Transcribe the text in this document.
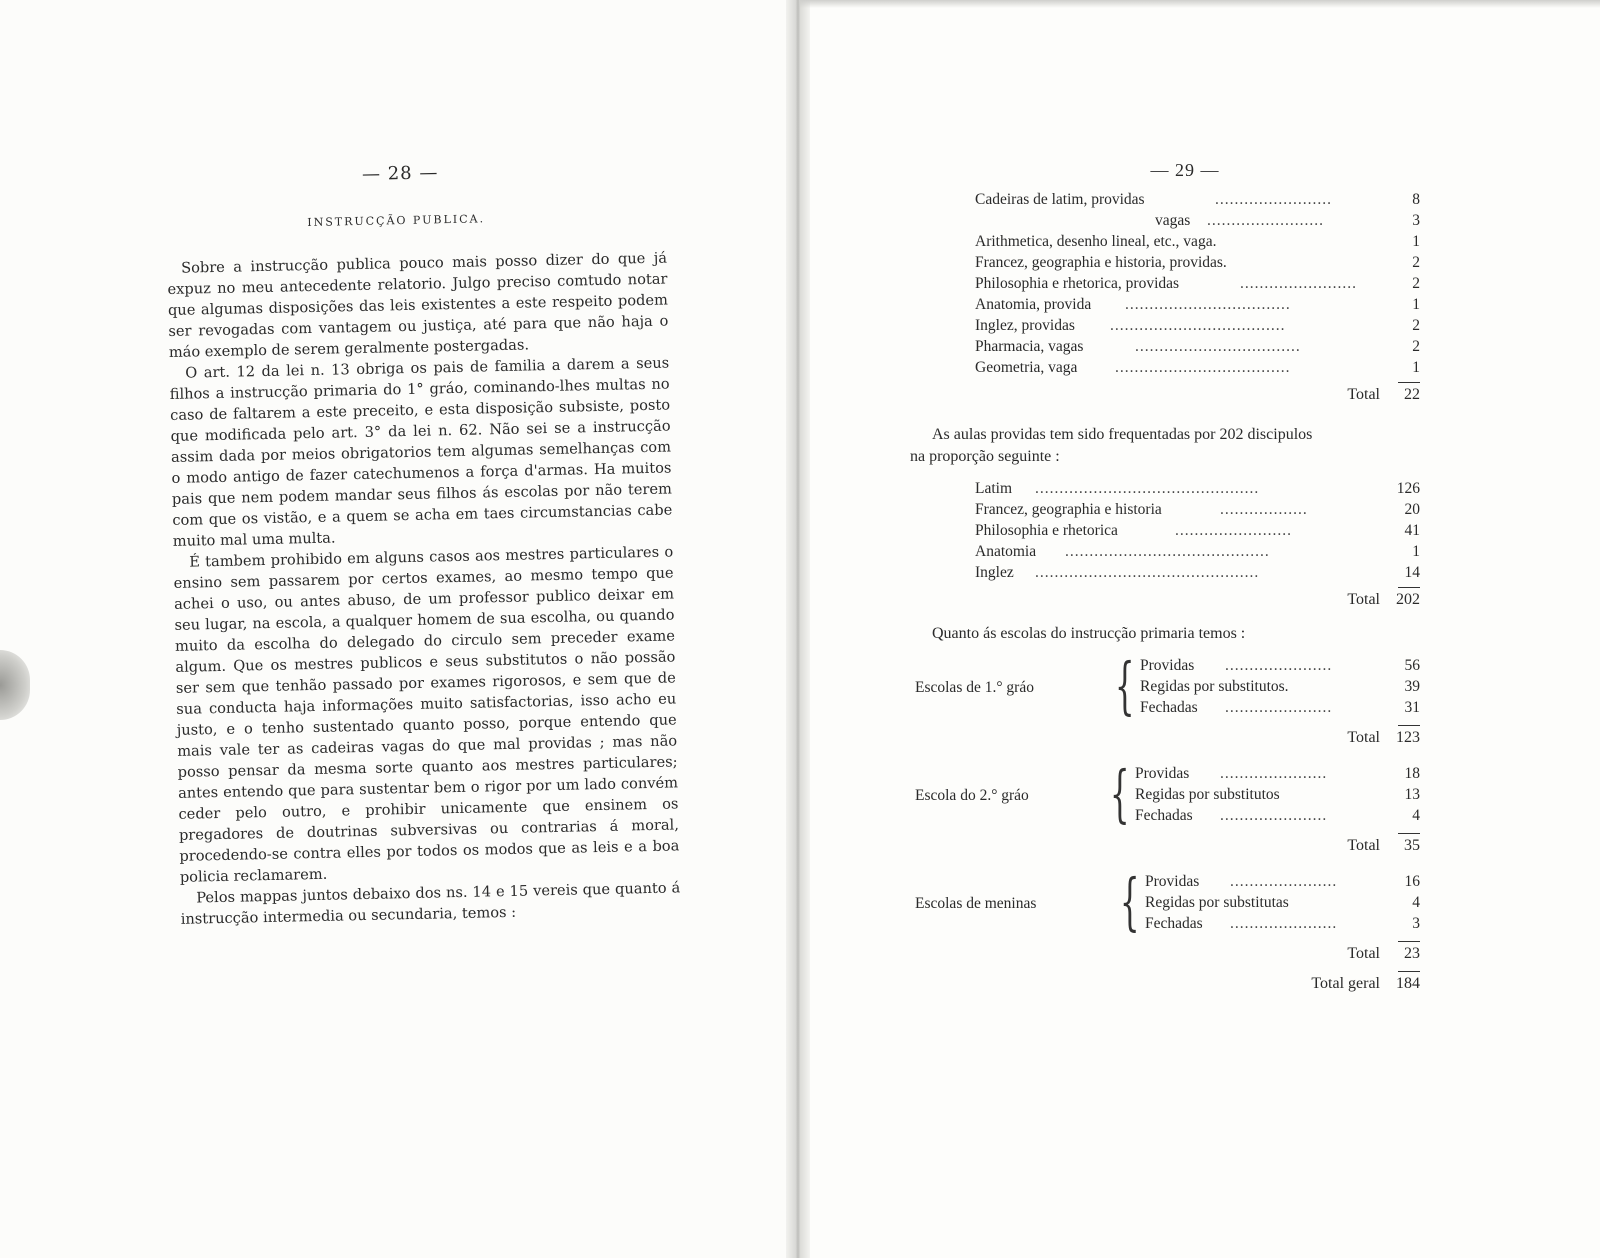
— 28 —
INSTRUCÇÃO PUBLICA.

Sobre a instrucção publica pouco mais posso dizer do que já expuz no meu antecedente relatorio. Julgo preciso comtudo notar que algumas disposições das leis existentes a este respeito podem ser revogadas com vantagem ou justiça, até para que não haja o máo exemplo de serem geralmente postergadas.

O art. 12 da lei n. 13 obriga os pais de familia a darem a seus filhos a instrucção primaria do 1° gráo, cominando-lhes multas no caso de faltarem a este preceito, e esta disposição subsiste, posto que modificada pelo art. 3° da lei n. 62. Não sei se a instrucção assim dada por meios obrigatorios tem algumas semelhanças com o modo antigo de fazer catechumenos a força d'armas. Ha muitos pais que nem podem mandar seus filhos ás escolas por não terem com que os vistão, e a quem se acha em taes circumstancias cabe muito mal uma multa.

É tambem prohibido em alguns casos aos mestres particulares o ensino sem passarem por certos exames, ao mesmo tempo que achei o uso, ou antes abuso, de um professor publico deixar em seu lugar, na escola, a qualquer homem de sua escolha, ou quando muito da escolha do delegado do circulo sem preceder exame algum. Que os mestres publicos e seus substitutos o não possão ser sem que tenhão passado por exames rigorosos, e sem que de sua conducta haja informações muito satisfactorias, isso acho eu justo, e o tenho sustentado quanto posso, porque entendo que mais vale ter as cadeiras vagas do que mal providas ; mas não posso pensar da mesma sorte quanto aos mestres particulares; antes entendo que para sustentar bem o rigor por um lado convém ceder pelo outro, e prohibir unicamente que ensinem os pregadores de doutrinas subversivas ou contrarias á moral, procedendo-se contra elles por todos os modos que as leis e a boa policia reclamarem.

Pelos mappas juntos debaixo dos ns. 14 e 15 vereis que quanto á instrucção intermedia ou secundaria, temos :

— 29 —
Cadeiras de latim, providas	........................	8
vagas ........................	3
Arithmetica, desenho lineal, etc., vaga.	1
Francez, geographia e historia, providas.	2
Philosophia e rhetorica, providas	........................	2
Anatomia, provida ..................................	1
Inglez, providas ....................................	2
Pharmacia, vagas	..................................	2
Geometria, vaga ....................................	1
Total 22
As aulas providas tem sido frequentadas por 202 discipulos
na proporção seguinte :
Latim ..............................................	126
Francez, geographia e historia	..................	20
Philosophia e rhetorica	........................	41
Anatomia ..........................................	1
Inglez ..............................................	14
Total 202
Quanto ás escolas do instrucção primaria temos :
Escolas de 1.° gráo { Providas ......................	56
Regidas por substitutos.	39
Fechadas ......................	31
Total 123
Escola do 2.° gráo { Providas ......................	18
Regidas por substitutos	13
Fechadas ......................	4
Total 35
Escolas de meninas { Providas ......................	16
Regidas por substitutas	4
Fechadas ......................	3
Total 23
Total geral 184
